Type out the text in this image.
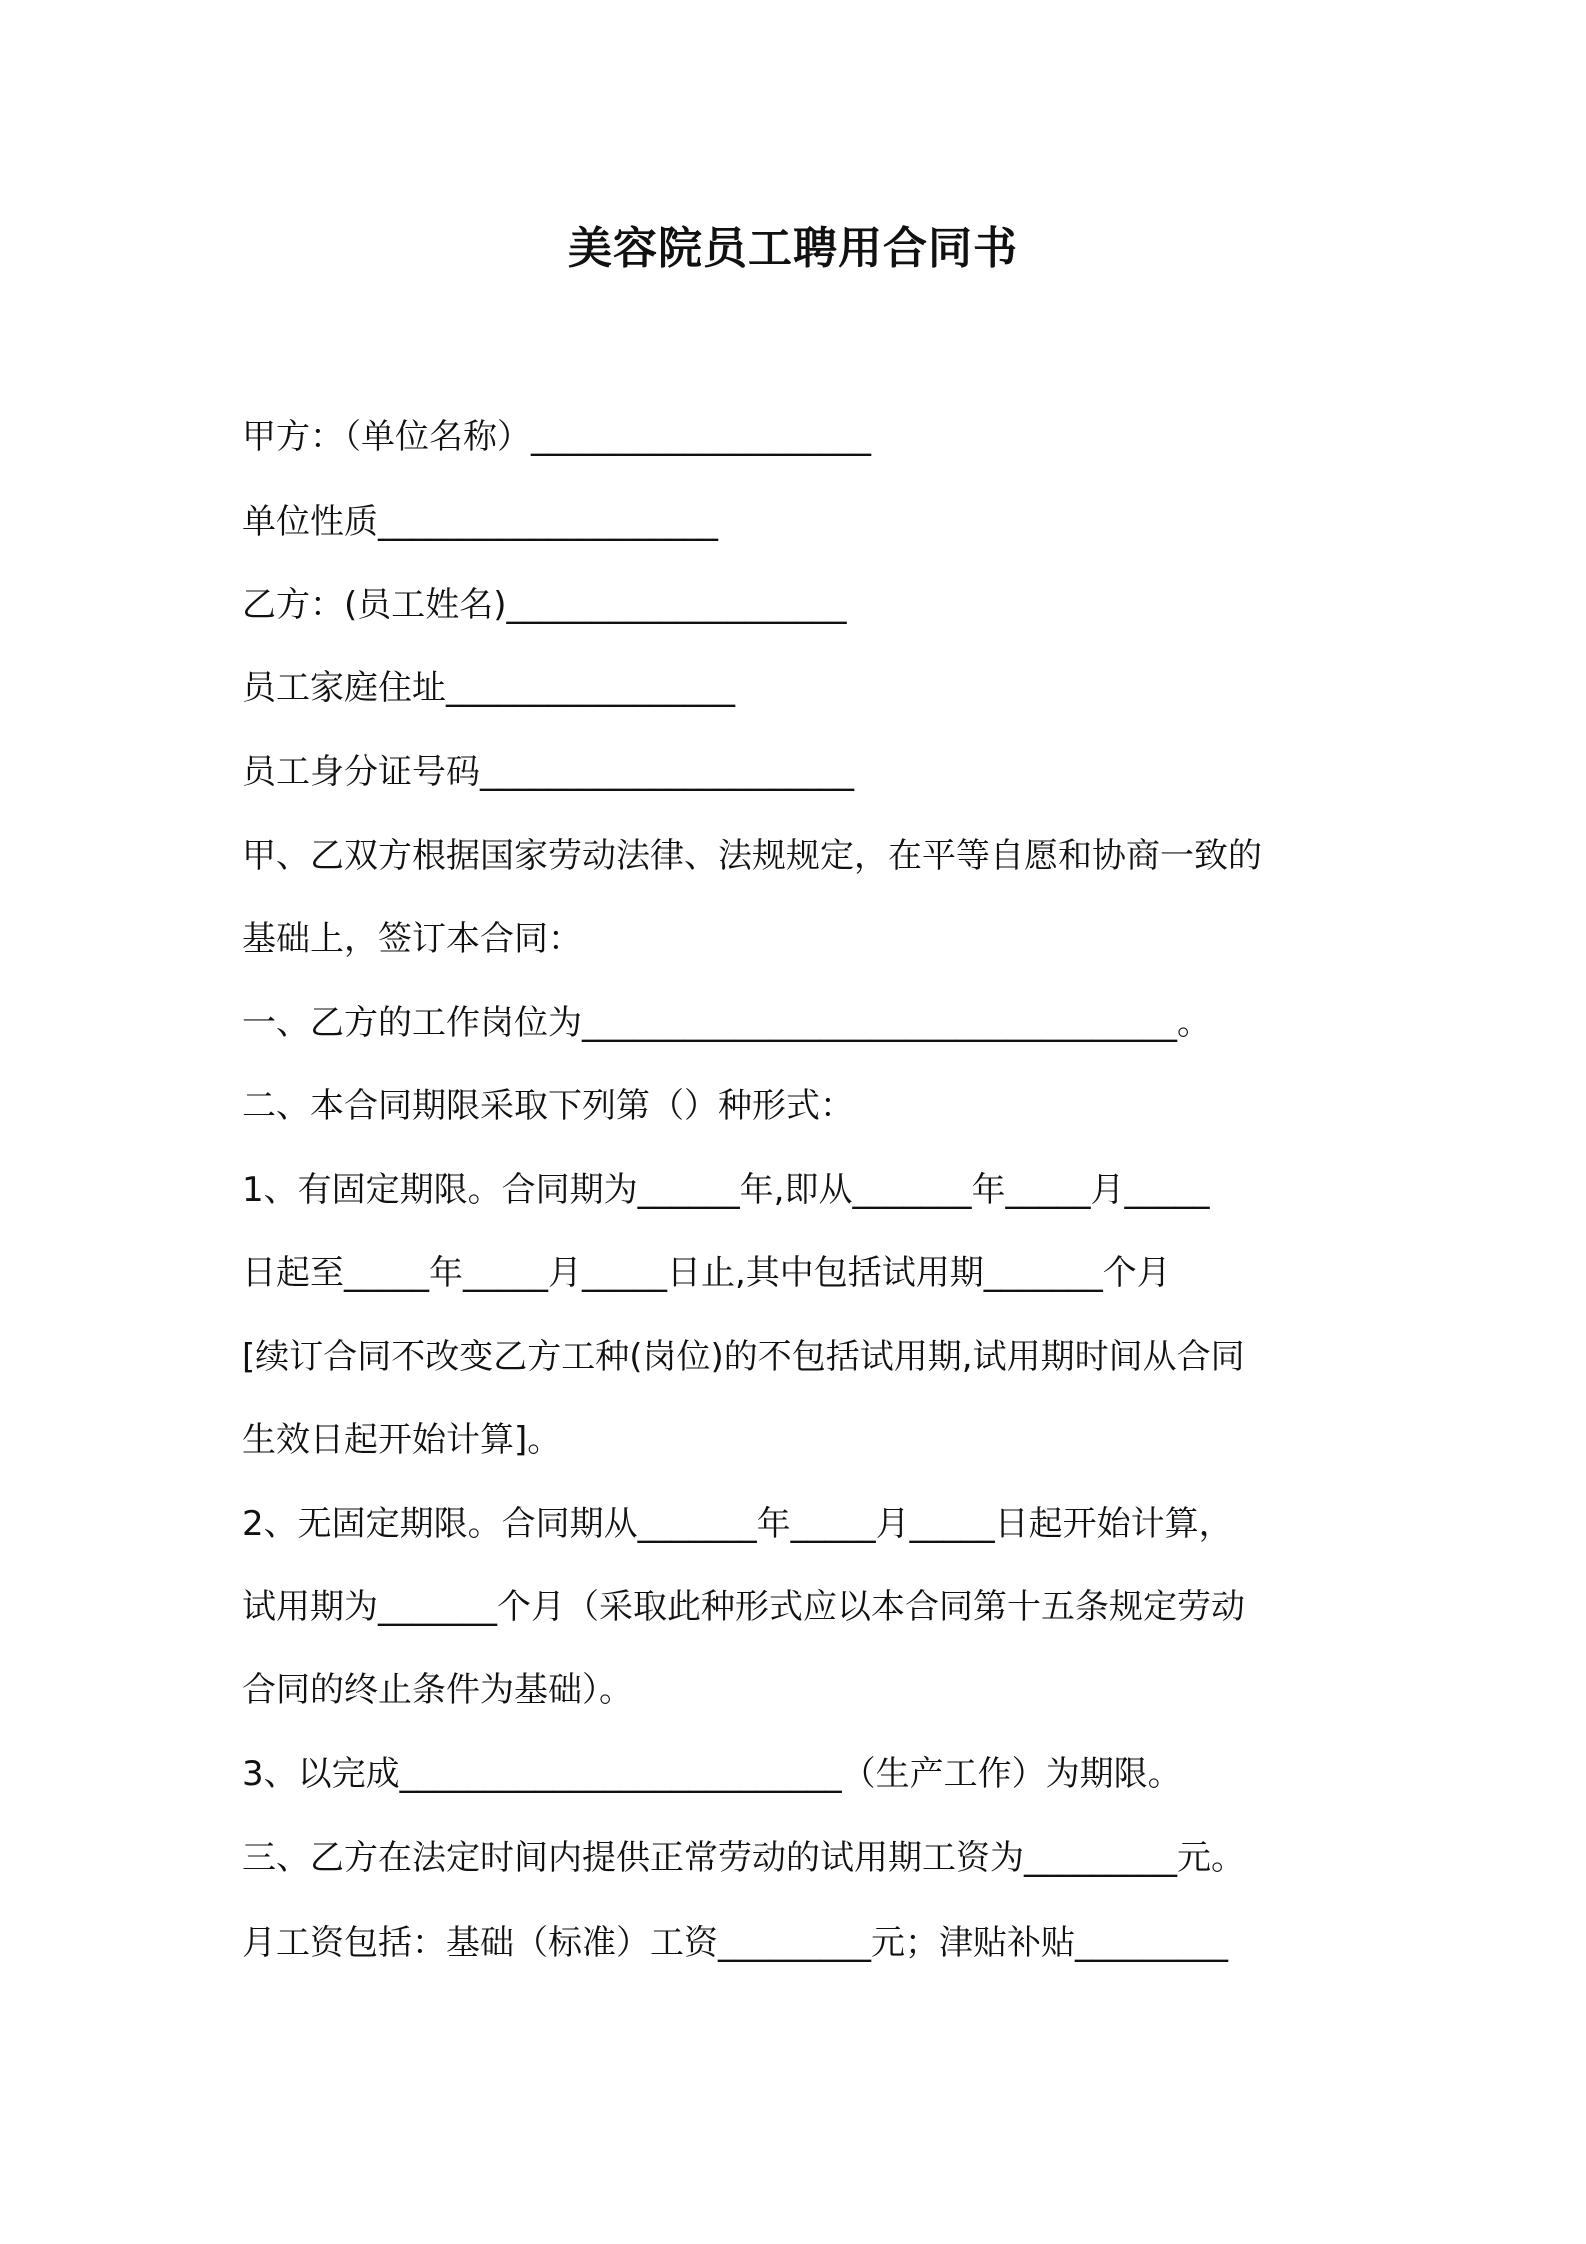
美容院员工聘用合同书
甲方：（单位名称）____________________
单位性质____________________
乙方：(员工姓名)____________________
员工家庭住址_________________
员工身分证号码______________________
甲、乙双方根据国家劳动法律、法规规定，在平等自愿和协商一致的
基础上，签订本合同：
一、乙方的工作岗位为___________________________________。
二、本合同期限采取下列第（）种形式：
1、有固定期限。合同期为______年,即从_______年_____月_____
日起至_____年_____月_____日止,其中包括试用期_______个月
[续订合同不改变乙方工种(岗位)的不包括试用期,试用期时间从合同
生效日起开始计算]。
2、无固定期限。合同期从_______年_____月_____日起开始计算，
试用期为_______个月（采取此种形式应以本合同第十五条规定劳动
合同的终止条件为基础）。
3、以完成__________________________（生产工作）为期限。
三、乙方在法定时间内提供正常劳动的试用期工资为_________元。
月工资包括：基础（标准）工资_________元；津贴补贴_________
